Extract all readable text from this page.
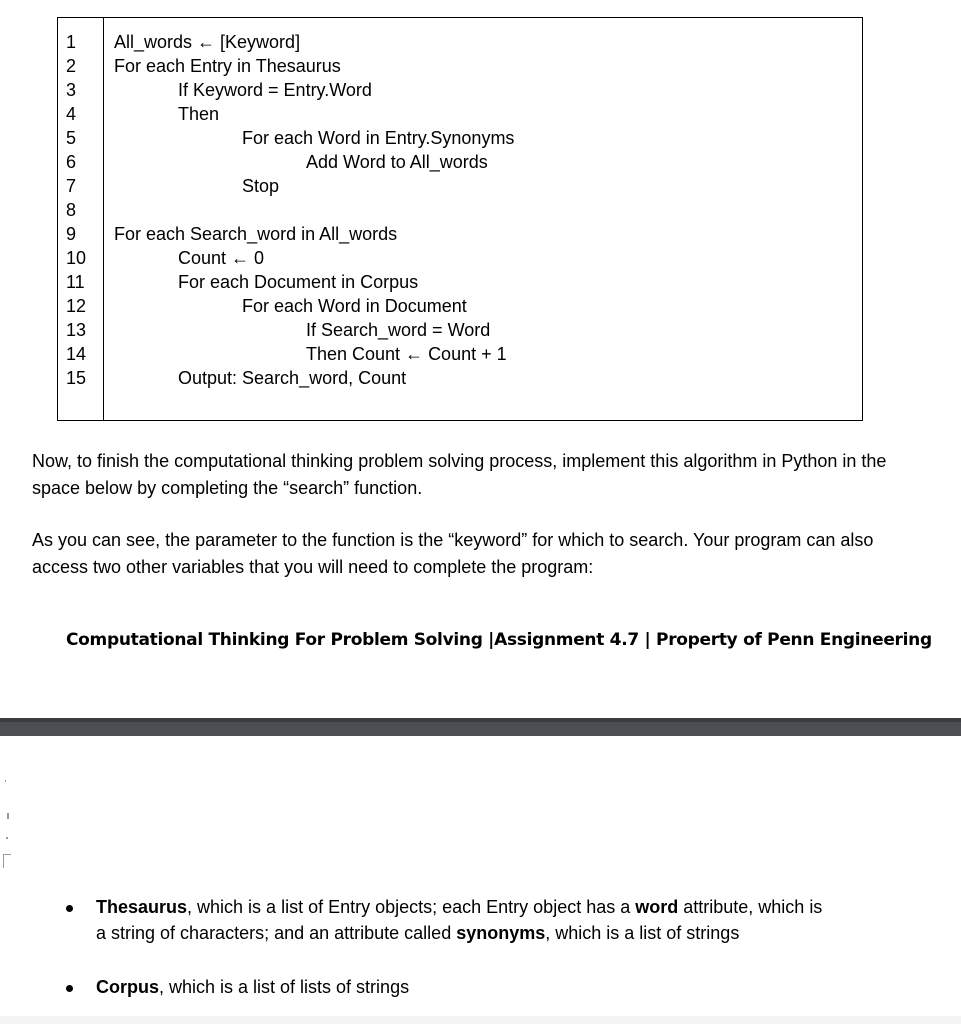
1
2
3
4
5
6
7
8
9
10
11
12
13
14
15
All_words ← [Keyword]
For each Entry in Thesaurus
If Keyword = Entry.Word
Then
For each Word in Entry.Synonyms
Add Word to All_words
Stop
For each Search_word in All_words
Count ← 0
For each Document in Corpus
For each Word in Document
If Search_word = Word
Then Count ← Count + 1
Output: Search_word, Count
Now, to finish the computational thinking problem solving process, implement this algorithm in Python in the space below by completing the “search” function.
As you can see, the parameter to the function is the “keyword” for which to search. Your program can also access two other variables that you will need to complete the program:
Computational Thinking For Problem Solving |Assignment 4.7 | Property of Penn Engineering
Thesaurus, which is a list of Entry objects; each Entry object has a word attribute, which is a string of characters; and an attribute called synonyms, which is a list of strings
Corpus, which is a list of lists of strings
